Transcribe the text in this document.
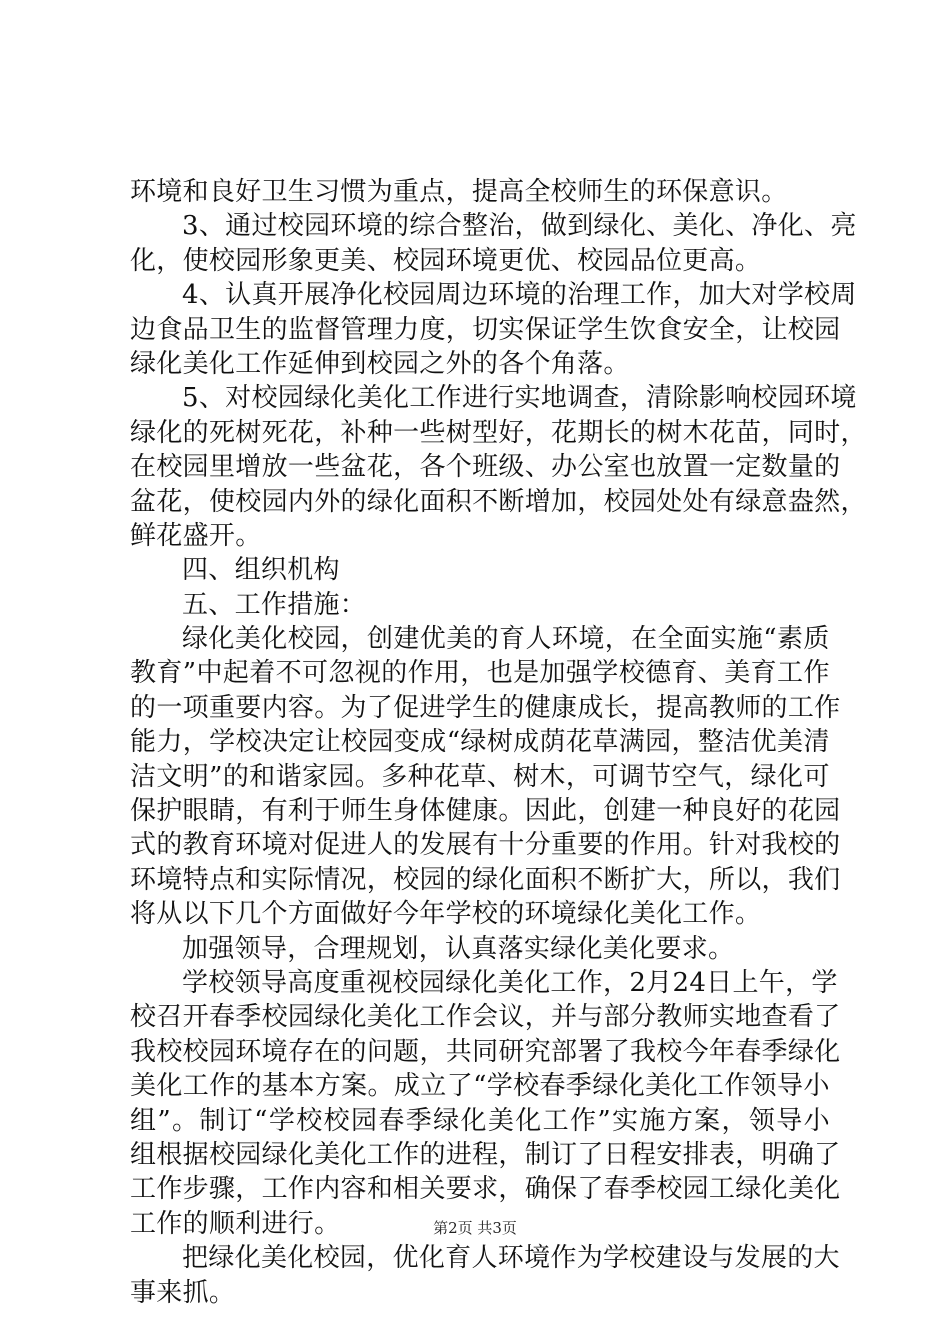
环境和良好卫生习惯为重点，提高全校师生的环保意识。
3 、 通 过 校 园 环 境 的 综 合 整 治 ， 做 到 绿 化 、 美 化 、 净 化 、 亮
化，使校园形象更美、校园环境更优、校园品位更高。
4 、 认 真 开 展 净 化 校 园 周 边 环 境 的 治 理 工 作 ， 加 大 对 学 校 周
边 食 品 卫 生 的 监 督 管 理 力 度 ， 切 实 保 证 学 生 饮 食 安 全 ， 让 校 园
绿化美化工作延伸到校园之外的各个角落。
5 、 对 校 园 绿 化 美 化 工 作 进 行 实 地 调 查 ， 清 除 影 响 校 园 环 境
绿 化 的 死 树 死 花 ， 补 种 一 些 树 型 好 ， 花 期 长 的 树 木 花 苗 ， 同 时 ，
在 校 园 里 增 放 一 些 盆 花 ， 各 个 班 级 、 办 公 室 也 放 置 一 定 数 量 的
盆 花 ， 使 校 园 内 外 的 绿 化 面 积 不 断 增 加 ， 校 园 处 处 有 绿 意 盎 然 ，
鲜花盛开。
四、组织机构
五、工作措施：
绿 化 美 化 校 园 ， 创 建 优 美 的 育 人 环 境 ， 在 全 面 实 施 “ 素 质
教 育 ” 中 起 着 不 可 忽 视 的 作 用 ， 也 是 加 强 学 校 德 育 、 美 育 工 作
的 一 项 重 要 内 容 。 为 了 促 进 学 生 的 健 康 成 长 ， 提 高 教 师 的 工 作
能 力 ， 学 校 决 定 让 校 园 变 成 “ 绿 树 成 荫 花 草 满 园 ， 整 洁 优 美 清
洁 文 明 ” 的 和 谐 家 园 。 多 种 花 草 、 树 木 ， 可 调 节 空 气 ， 绿 化 可
保 护 眼 睛 ， 有 利 于 师 生 身 体 健 康 。 因 此 ， 创 建 一 种 良 好 的 花 园
式 的 教 育 环 境 对 促 进 人 的 发 展 有 十 分 重 要 的 作 用 。 针 对 我 校 的
环 境 特 点 和 实 际 情 况 ， 校 园 的 绿 化 面 积 不 断 扩 大 ， 所 以 ， 我 们
将从以下几个方面做好今年学校的环境绿化美化工作。
加强领导，合理规划，认真落实绿化美化要求。
学 校 领 导 高 度 重 视 校 园 绿 化 美 化 工 作 ， 2 月 2 4 日 上 午 ， 学
校 召 开 春 季 校 园 绿 化 美 化 工 作 会 议 ， 并 与 部 分 教 师 实 地 查 看 了
我 校 校 园 环 境 存 在 的 问 题 ， 共 同 研 究 部 署 了 我 校 今 年 春 季 绿 化
美 化 工 作 的 基 本 方 案 。 成 立 了 “ 学 校 春 季 绿 化 美 化 工 作 领 导 小
组 ” 。 制 订 “ 学 校 校 园 春 季 绿 化 美 化 工 作 ” 实 施 方 案 ， 领 导 小
组 根 据 校 园 绿 化 美 化 工 作 的 进 程 ， 制 订 了 日 程 安 排 表 ， 明 确 了
工 作 步 骤 ， 工 作 内 容 和 相 关 要 求 ， 确 保 了 春 季 校 园 工 绿 化 美 化
工作的顺利进行。
把 绿 化 美 化 校 园 ， 优 化 育 人 环 境 作 为 学 校 建 设 与 发 展 的 大
事来抓。
第2页 共3页
